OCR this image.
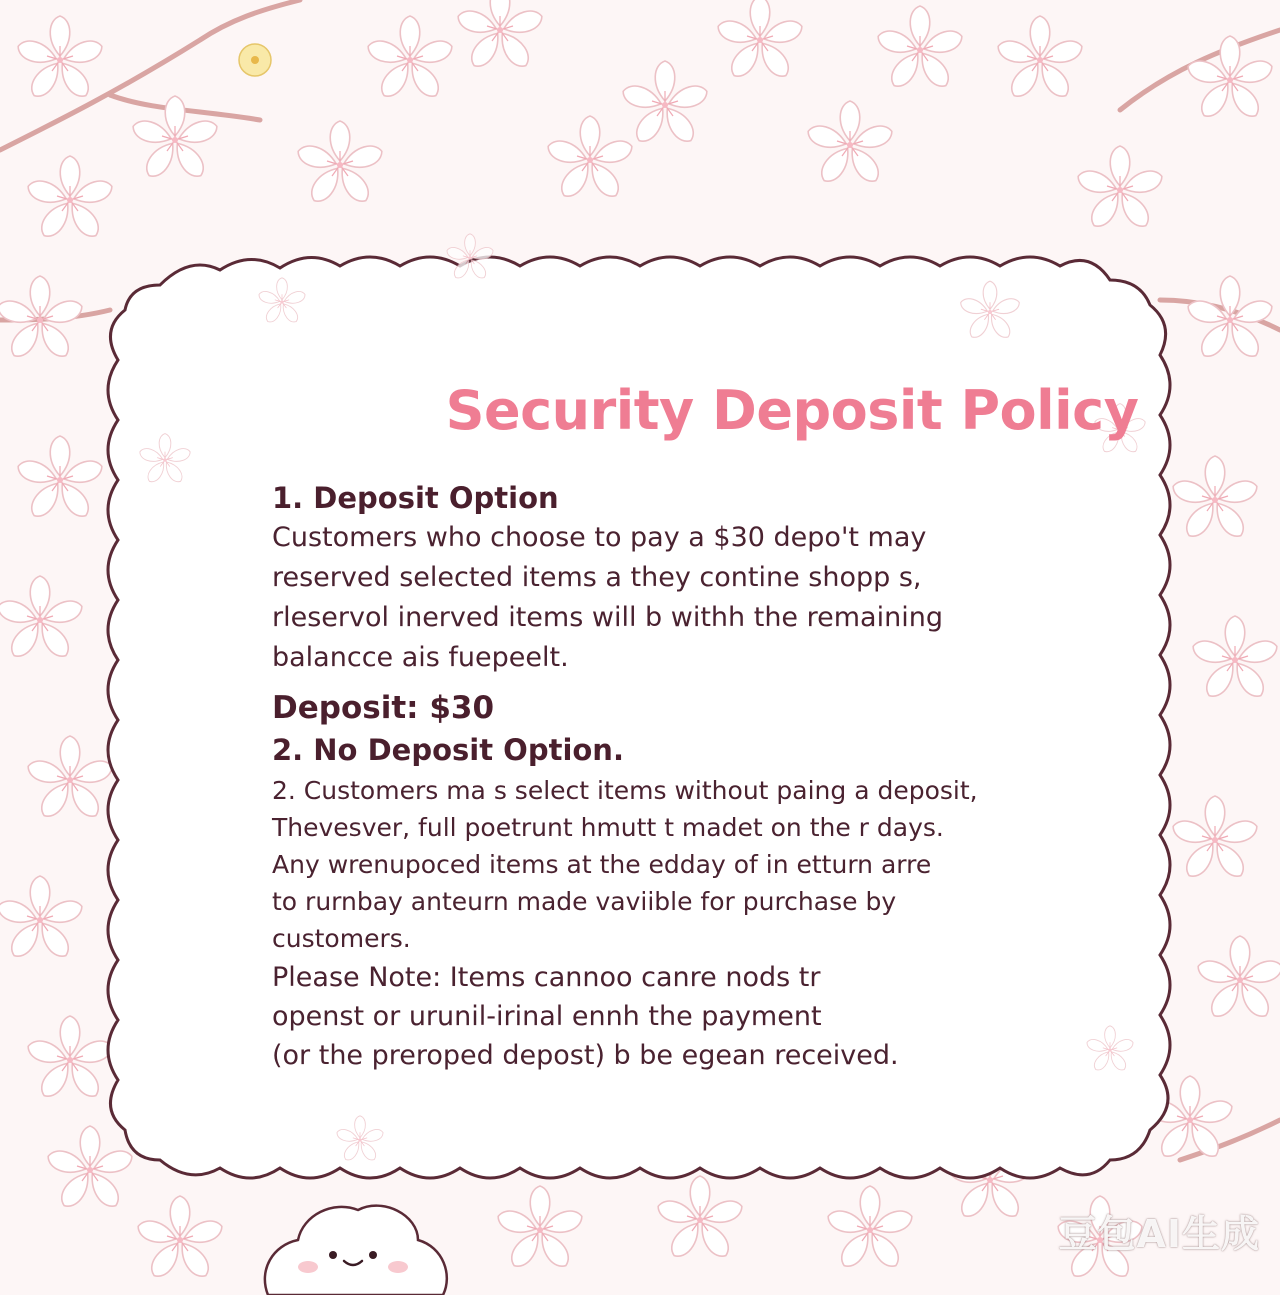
Security Deposit Policy
1. Deposit Option

Customers who choose to pay a $30 depo't may
reserved selected items a they contine shopp s,
rleservol inerved items will b withh the remaining
balancce ais fuepeelt.

Deposit: $30
2. No Deposit Option.

2. Customers ma s select items without paing a deposit,
Thevesver, full poetrunt hmutt t madet on the r days.
Any wrenupoced items at the edday of in etturn arre
to rurnbay anteurn made vaviible for purchase by
customers.

Please Note: Items cannoo canre nods tr
openst or urunil-irinal ennh the payment
(or the preroped depost) b be egean received.

豆包AI生成
